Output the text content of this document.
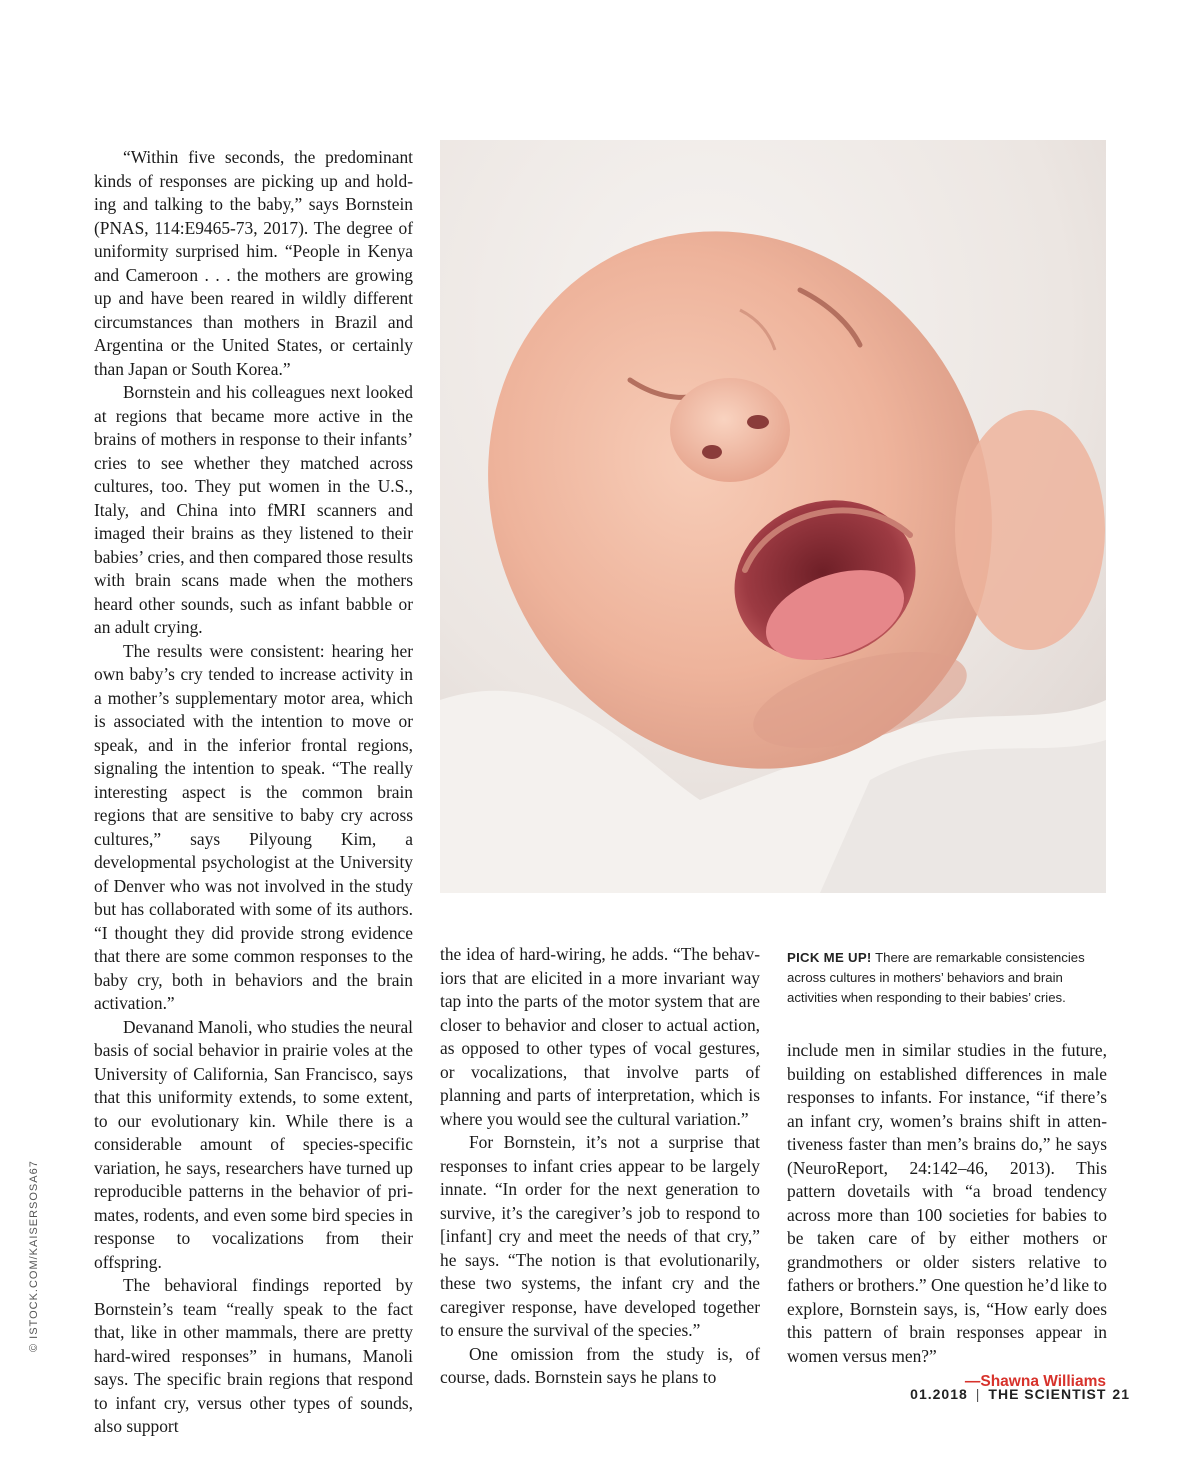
“Within five seconds, the predominant kinds of responses are picking up and holding and talking to the baby,” says Bornstein (PNAS, 114:E9465-73, 2017). The degree of uniformity surprised him. “People in Kenya and Cameroon . . . the mothers are growing up and have been reared in wildly different circumstances than mothers in Brazil and Argentina or the United States, or certainly than Japan or South Korea.”

Bornstein and his colleagues next looked at regions that became more active in the brains of mothers in response to their infants’ cries to see whether they matched across cultures, too. They put women in the U.S., Italy, and China into fMRI scanners and imaged their brains as they listened to their babies’ cries, and then compared those results with brain scans made when the mothers heard other sounds, such as infant babble or an adult crying.

The results were consistent: hearing her own baby’s cry tended to increase activity in a mother’s supplementary motor area, which is associated with the intention to move or speak, and in the inferior frontal regions, signaling the intention to speak. “The really interesting aspect is the common brain regions that are sensitive to baby cry across cultures,” says Pilyoung Kim, a developmental psychologist at the University of Denver who was not involved in the study but has collaborated with some of its authors. “I thought they did provide strong evidence that there are some common responses to the baby cry, both in behaviors and the brain activation.”

Devanand Manoli, who studies the neural basis of social behavior in prairie voles at the University of California, San Francisco, says that this uniformity extends, to some extent, to our evolutionary kin. While there is a considerable amount of species-specific variation, he says, researchers have turned up reproducible patterns in the behavior of primates, rodents, and even some bird species in response to vocalizations from their offspring.

The behavioral findings reported by Bornstein’s team “really speak to the fact that, like in other mammals, there are pretty hard-wired responses” in humans, Manoli says. The specific brain regions that respond to infant cry, versus other types of sounds, also support

the idea of hard-wiring, he adds. “The behaviors that are elicited in a more invariant way tap into the parts of the motor system that are closer to behavior and closer to actual action, as opposed to other types of vocal gestures, or vocalizations, that involve parts of planning and parts of interpretation, which is where you would see the cultural variation.”

For Bornstein, it’s not a surprise that responses to infant cries appear to be largely innate. “In order for the next generation to survive, it’s the caregiver’s job to respond to [infant] cry and meet the needs of that cry,” he says. “The notion is that evolutionarily, these two systems, the infant cry and the caregiver response, have developed together to ensure the survival of the species.”

One omission from the study is, of course, dads. Bornstein says he plans to

PICK ME UP! There are remarkable consistencies across cultures in mothers’ behaviors and brain activities when responding to their babies’ cries.

include men in similar studies in the future, building on established differences in male responses to infants. For instance, “if there’s an infant cry, women’s brains shift in attentiveness faster than men’s brains do,” he says (NeuroReport, 24:142–46, 2013). This pattern dovetails with “a broad tendency across more than 100 societies for babies to be taken care of by either mothers or grandmothers or older sisters relative to fathers or brothers.” One question he’d like to explore, Bornstein says, is, “How early does this pattern of brain responses appear in women versus men?”

—Shawna Williams
© ISTOCK.COM/KAISERSOSA67
01.2018 | THE SCIENTIST 21
